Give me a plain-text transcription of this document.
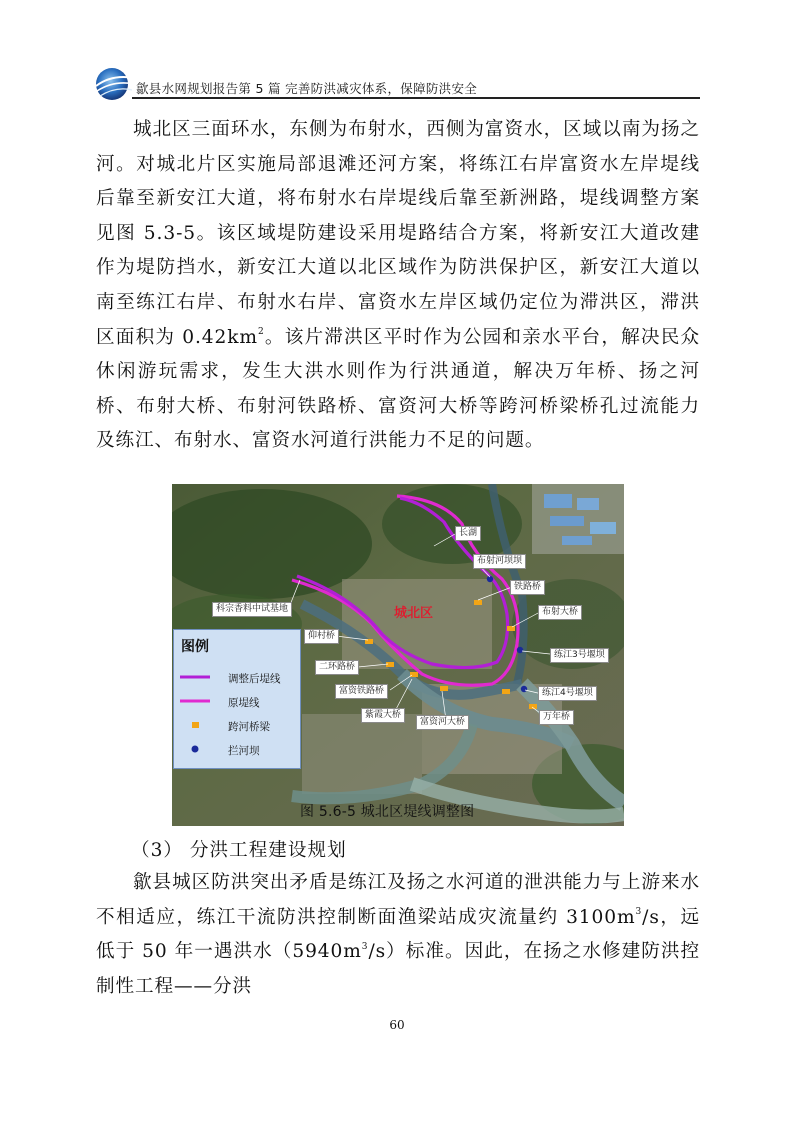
歙县水网规划报告第 5 篇 完善防洪减灾体系，保障防洪安全

城北区三面环水，东侧为布射水，西侧为富资水，区域以南为扬之河。对城北片区实施局部退滩还河方案，将练江右岸富资水左岸堤线后靠至新安江大道，将布射水右岸堤线后靠至新洲路，堤线调整方案见图 5.3-5。该区域堤防建设采用堤路结合方案，将新安江大道改建作为堤防挡水，新安江大道以北区域作为防洪保护区，新安江大道以南至练江右岸、布射水右岸、富资水左岸区域仍定位为滞洪区，滞洪区面积为 $0.42km^2$。该片滞洪区平时作为公园和亲水平台，解决民众休闲游玩需求，发生大洪水则作为行洪通道，解决万年桥、扬之河桥、布射大桥、布射河铁路桥、富资河大桥等跨河桥梁桥孔过流能力及练江、布射水、富资水河道行洪能力不足的问题。

长湖
布射河坝坝
铁路桥
布射大桥
科宗香料中试基地
仰村桥
练江3号堰坝
二环路桥
富资铁路桥	练江4号堰坝
紫霞大桥
富资河大桥	万年桥
城北区
图例
调整后堤线
原堤线
跨河桥梁
拦河坝
图 5.6-5 城北区堤线调整图
（3） 分洪工程建设规划

歙县城区防洪突出矛盾是练江及扬之水河道的泄洪能力与上游来水不相适应，练江干流防洪控制断面渔梁站成灾流量约 $3100m^3/s$，远低于 50 年一遇洪水$(5940m^3/s)$标准。因此，在扬之水修建防洪控制性工程——分洪

60
